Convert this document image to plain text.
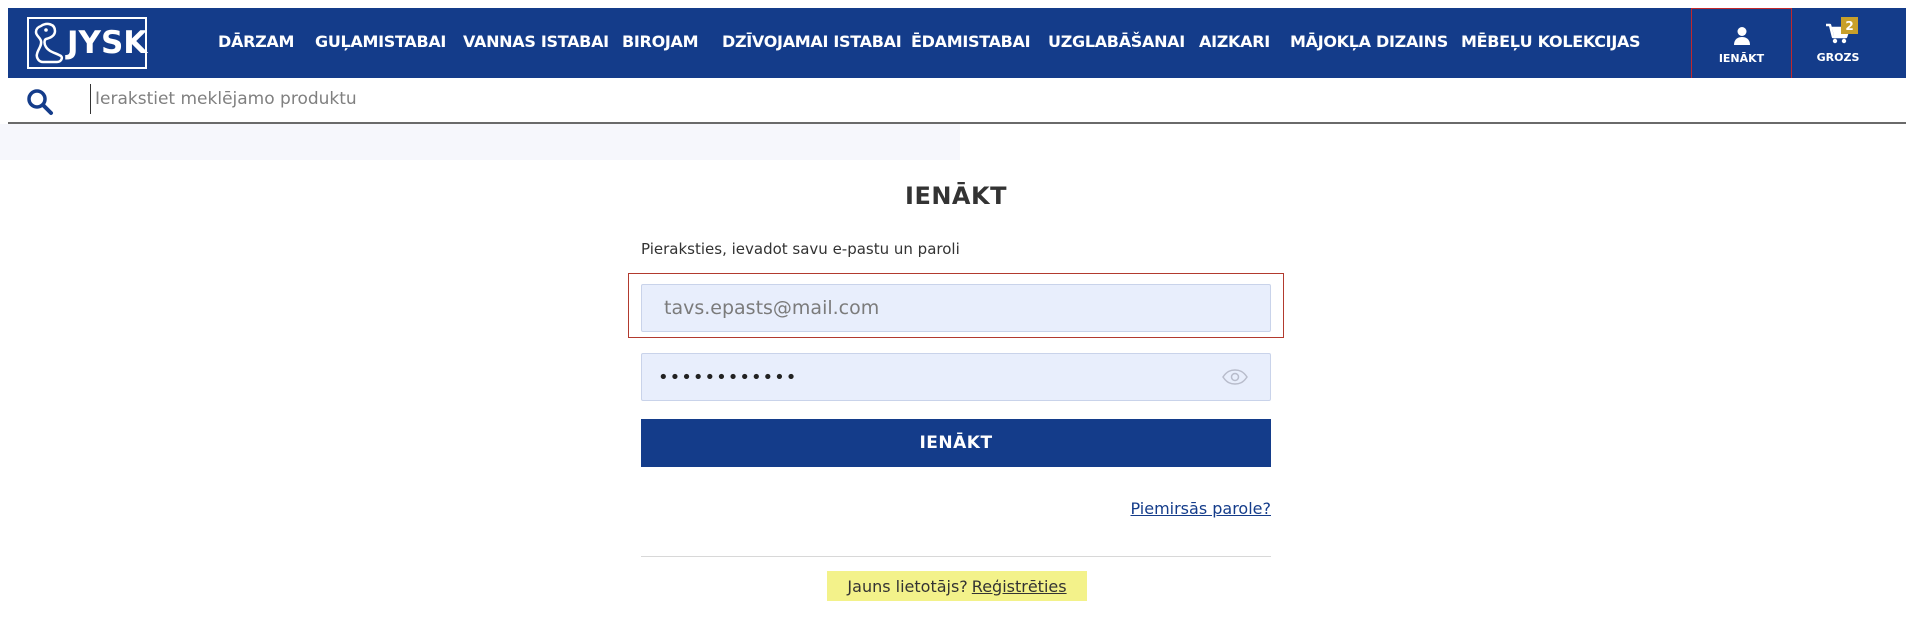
JYSK	DĀRZAM GUĻAMISTABAI VANNAS ISTABAI BIROJAM DZĪVOJAMAI ISTABAI ĒDAMISTABAI UZGLABĀŠANAI AIZKARI MĀJOKĻA DIZAINS MĒBEĻU KOLEKCIJAS
IENĀKT
2
GROZS
Ierakstiet meklējamo produktu
IENĀKT
Pieraksties, ievadot savu e-pastu un paroli
tavs.epasts@mail.com
••••••••••••
IENĀKT
Piemirsās parole?
Jauns lietotājs? Reģistrēties
